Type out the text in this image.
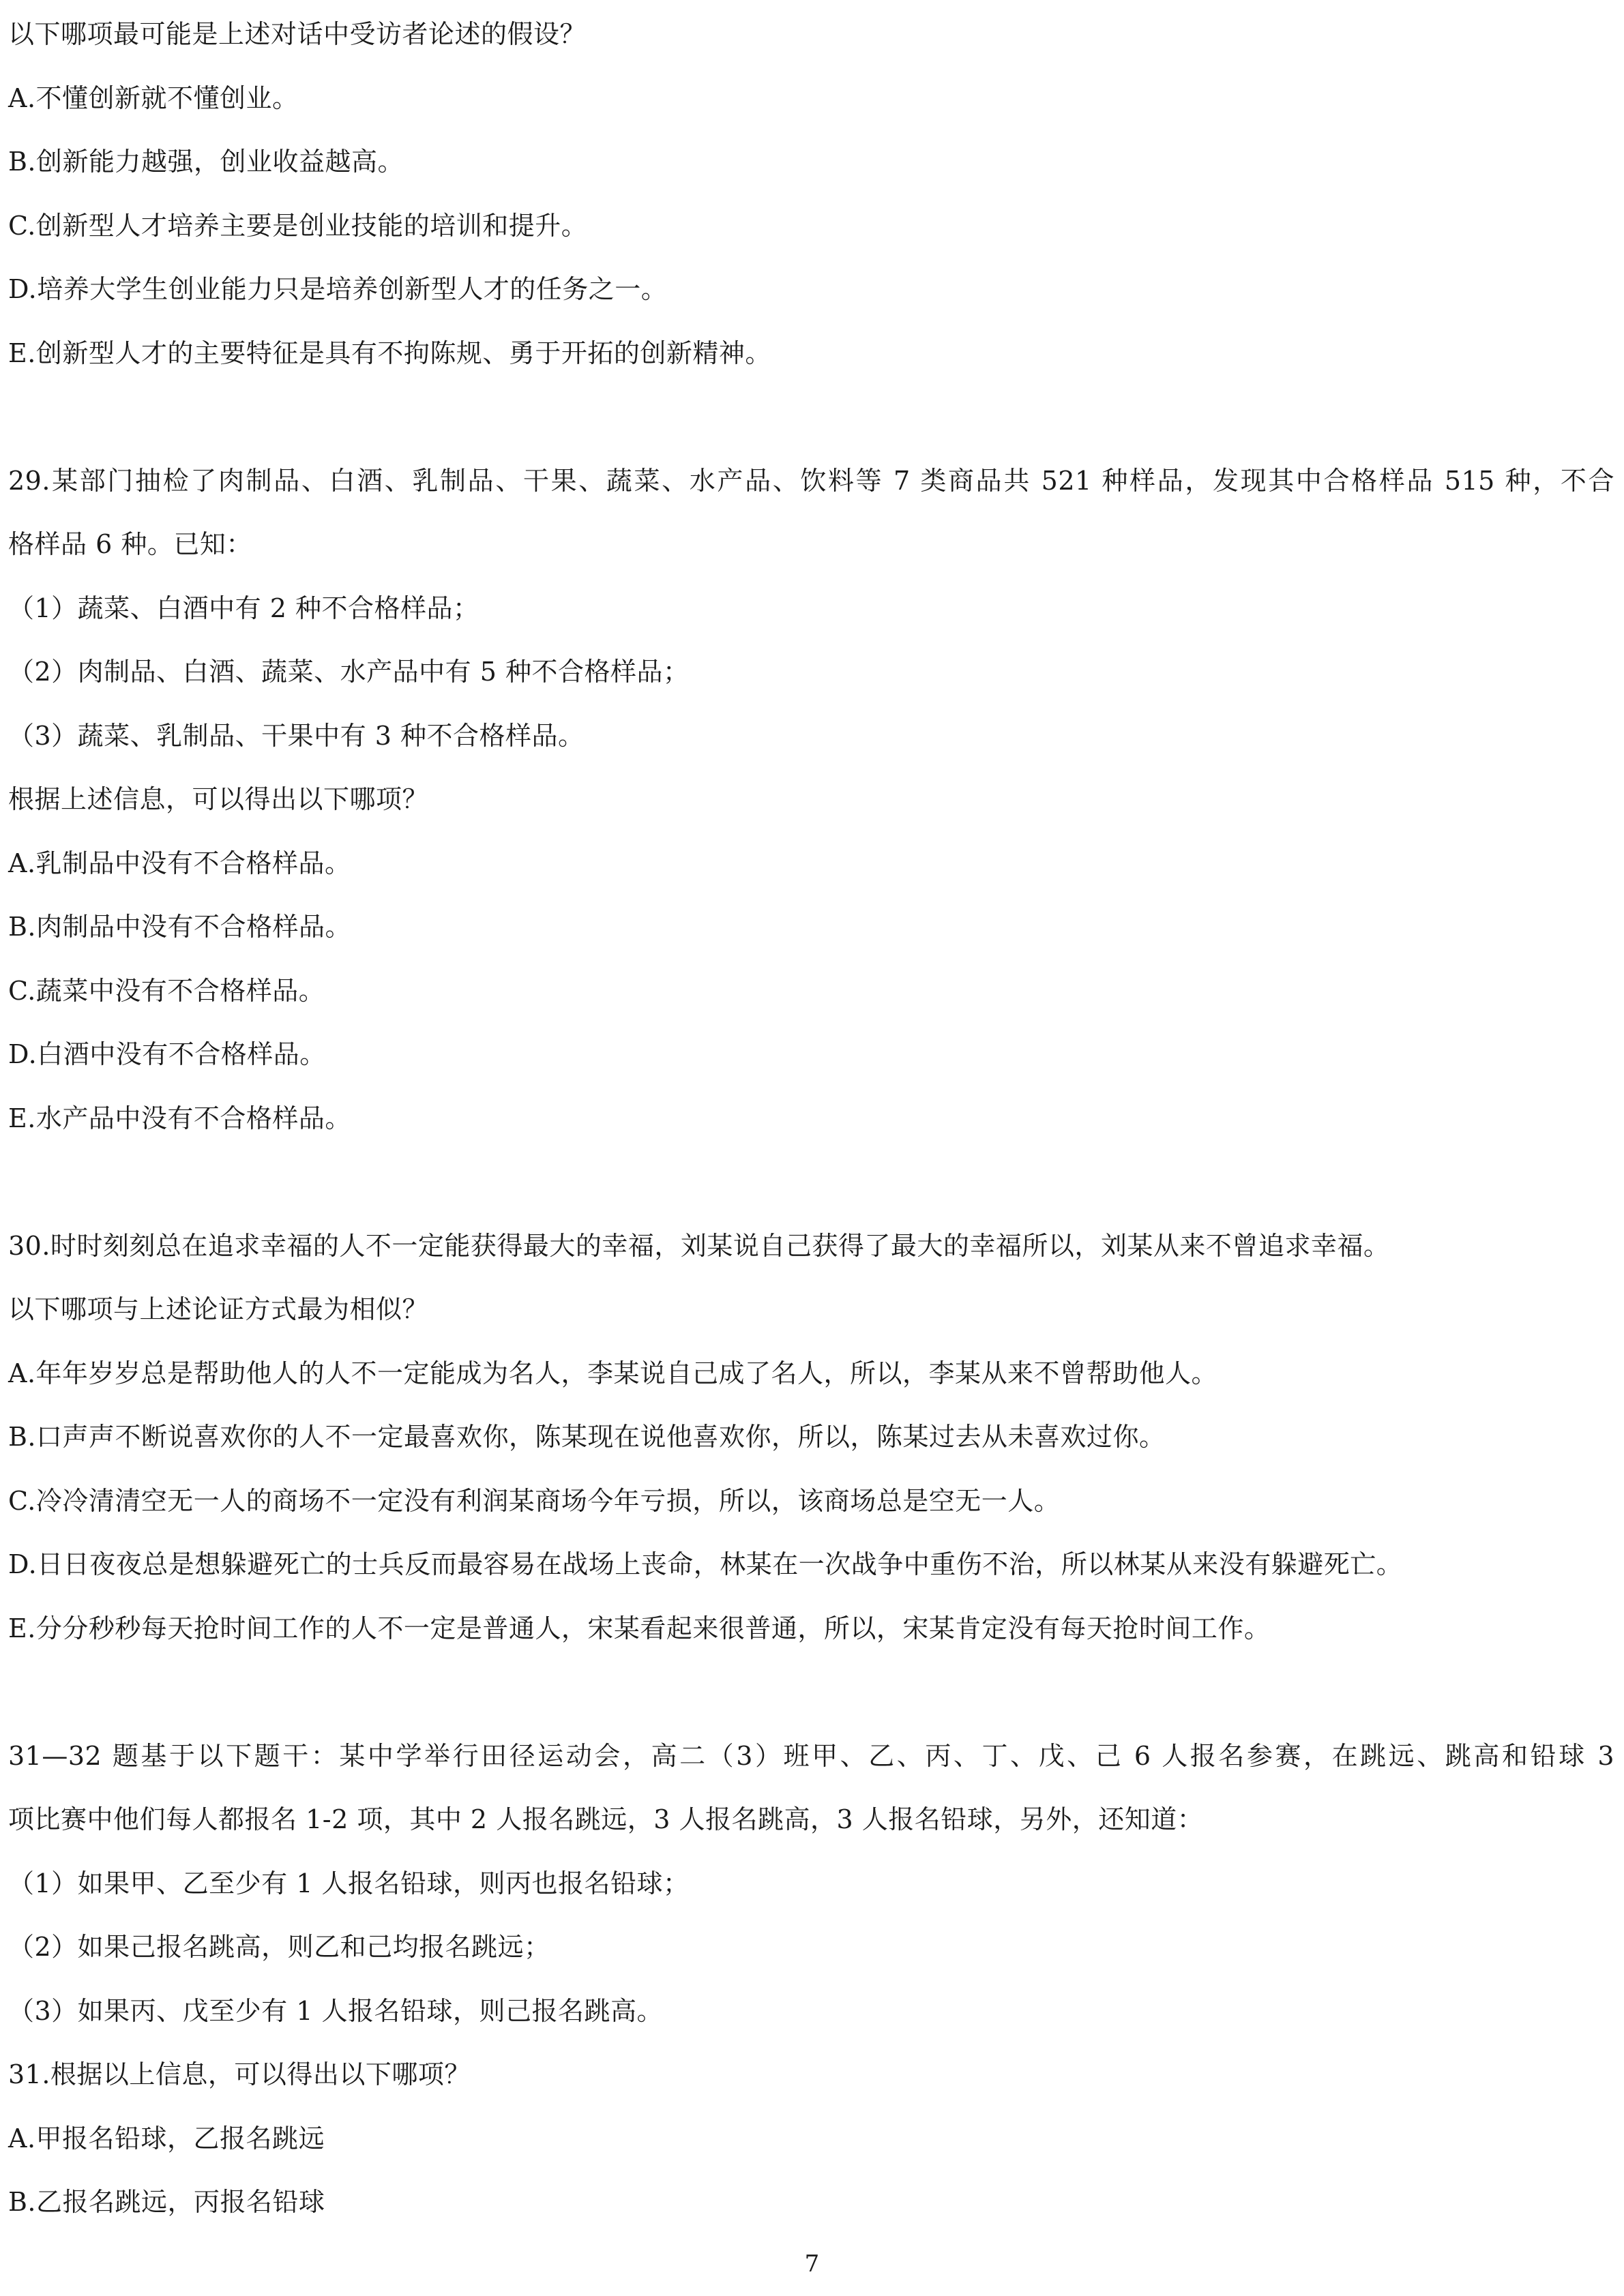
以下哪项最可能是上述对话中受访者论述的假设？
A.不懂创新就不懂创业。
B.创新能力越强，创业收益越高。
C.创新型人才培养主要是创业技能的培训和提升。
D.培养大学生创业能力只是培养创新型人才的任务之一。
E.创新型人才的主要特征是具有不拘陈规、勇于开拓的创新精神。
29.某部门抽检了肉制品、白酒、乳制品、干果、蔬菜、水产品、饮料等 7 类商品共 521 种样品，发现其中合格样品 515 种，不合
格样品 6 种。已知：
（1）蔬菜、白酒中有 2 种不合格样品；
（2）肉制品、白酒、蔬菜、水产品中有 5 种不合格样品；
（3）蔬菜、乳制品、干果中有 3 种不合格样品。
根据上述信息，可以得出以下哪项？
A.乳制品中没有不合格样品。
B.肉制品中没有不合格样品。
C.蔬菜中没有不合格样品。
D.白酒中没有不合格样品。
E.水产品中没有不合格样品。
30.时时刻刻总在追求幸福的人不一定能获得最大的幸福，刘某说自己获得了最大的幸福所以，刘某从来不曾追求幸福。
以下哪项与上述论证方式最为相似？
A.年年岁岁总是帮助他人的人不一定能成为名人，李某说自己成了名人，所以，李某从来不曾帮助他人。
B.口声声不断说喜欢你的人不一定最喜欢你，陈某现在说他喜欢你，所以，陈某过去从未喜欢过你。
C.冷冷清清空无一人的商场不一定没有利润某商场今年亏损，所以，该商场总是空无一人。
D.日日夜夜总是想躲避死亡的士兵反而最容易在战场上丧命，林某在一次战争中重伤不治，所以林某从来没有躲避死亡。
E.分分秒秒每天抢时间工作的人不一定是普通人，宋某看起来很普通，所以，宋某肯定没有每天抢时间工作。
31—32 题基于以下题干：某中学举行田径运动会，高二（3）班甲、乙、丙、丁、戊、己 6 人报名参赛，在跳远、跳高和铅球 3
项比赛中他们每人都报名 1-2 项，其中 2 人报名跳远，3 人报名跳高，3 人报名铅球，另外，还知道：
（1）如果甲、乙至少有 1 人报名铅球，则丙也报名铅球；
（2）如果己报名跳高，则乙和己均报名跳远；
（3）如果丙、戊至少有 1 人报名铅球，则己报名跳高。
31.根据以上信息，可以得出以下哪项？
A.甲报名铅球，乙报名跳远
B.乙报名跳远，丙报名铅球
7
